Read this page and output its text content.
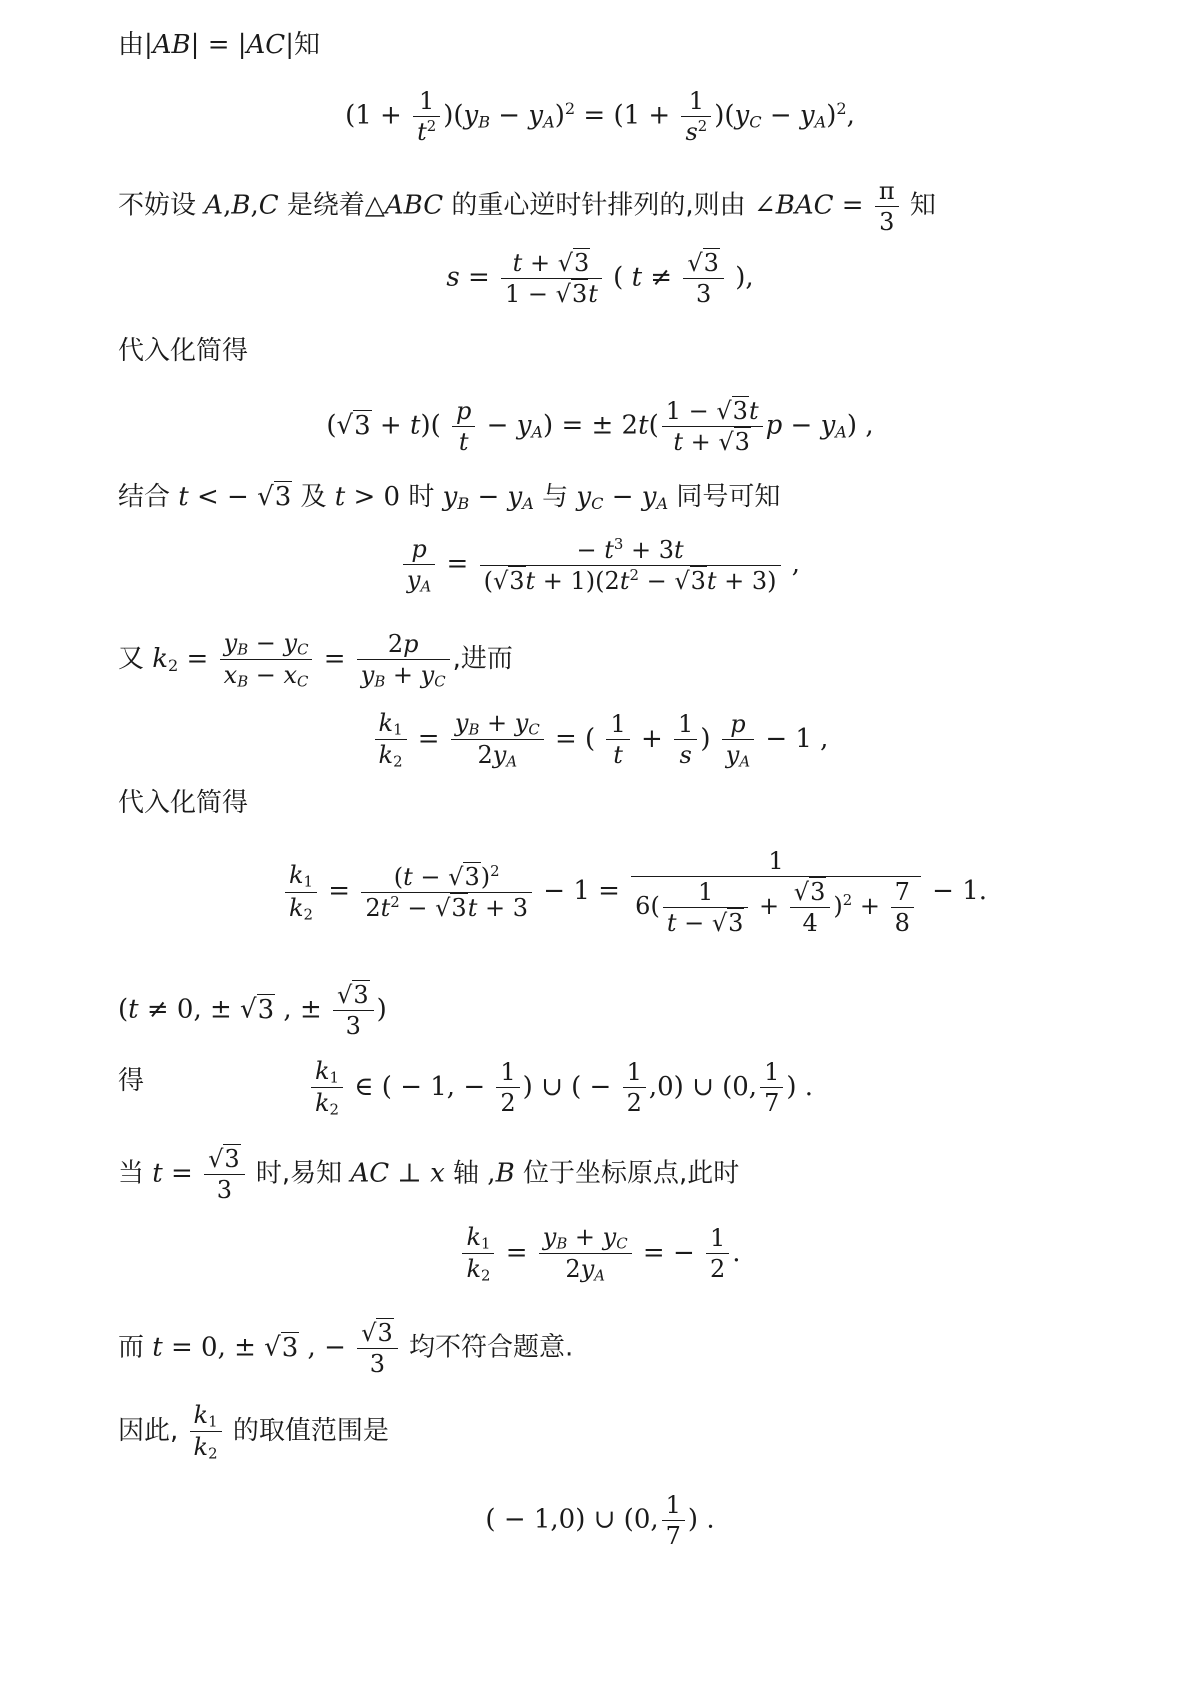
由|AB| = |AC|知
$(1 + \frac{1}{t^2} )(y_B - y_A)^2 = (1 + \frac{1}{s^2} )(y_C - y_A)^2$,
不妨设 A,B,C 是绕着△ABC 的重心逆时针排列的,则由 ∠BAC = $\frac{\pi}{3}$ 知
$s = \frac{t + √3}{1 - √3t}$ ( $t \ne \frac{√3}{3}$ ),
代入化简得
$(√3 + t)( \frac{p}{t} - y_A)$ = ± $2t( \frac{1 - √3t}{t + √3}$ $p - y_A$) ,
结合 t < − √3 及 t > 0 时 $y_B - y_A$ 与 $y_C - y_A$ 同号可知
$\frac{p}{y_A} = \frac{- t^3 + 3t}{(√3t + 1)(2t^2 - √3t + 3)}$ ,
又 $k_2 = \frac{y_B - y_C}{x_B - x_C} = \frac{2p}{y_B + y_C}$ ,进而
$\frac{k_1}{k_2} = \frac{y_B + y_C}{2y_A}$ = ( $\frac{1}{t} + \frac{1}{s}$ ) $\frac{p}{y_A} - 1$ ,
代入化简得
$\frac{k_1}{k_2} = \frac{(t - √3)^2}{2t^2 - √3t + 3} - 1 = \frac{1}{6( \frac{1}{t - √3} + \frac{√3}{4} )^2 + \frac{7}{8}} - 1$.
(t ≠ 0, ± √3 , ± $\frac{√3}{3}$ )
得	$\frac{k_1}{k_2}$ ∈ ( − 1, − $\frac{1}{2}$ ) ∪ ( − $\frac{1}{2} ,0$) ∪ (0, $\frac{1}{7}$ ) .
当 $t = \frac{√3}{3}$ 时,易知 AC ⊥ x 轴 ,B 位于坐标原点,此时
$\frac{k_1}{k_2} = \frac{y_B + y_C}{2y_A}$ = − $\frac{1}{2}$ .
而 t = 0, ± √3 , − $\frac{√3}{3}$ 均不符合题意.
因此, $\frac{k_1}{k_2}$ 的取值范围是
( − 1,0) ∪ (0, $\frac{1}{7}$ ) .
